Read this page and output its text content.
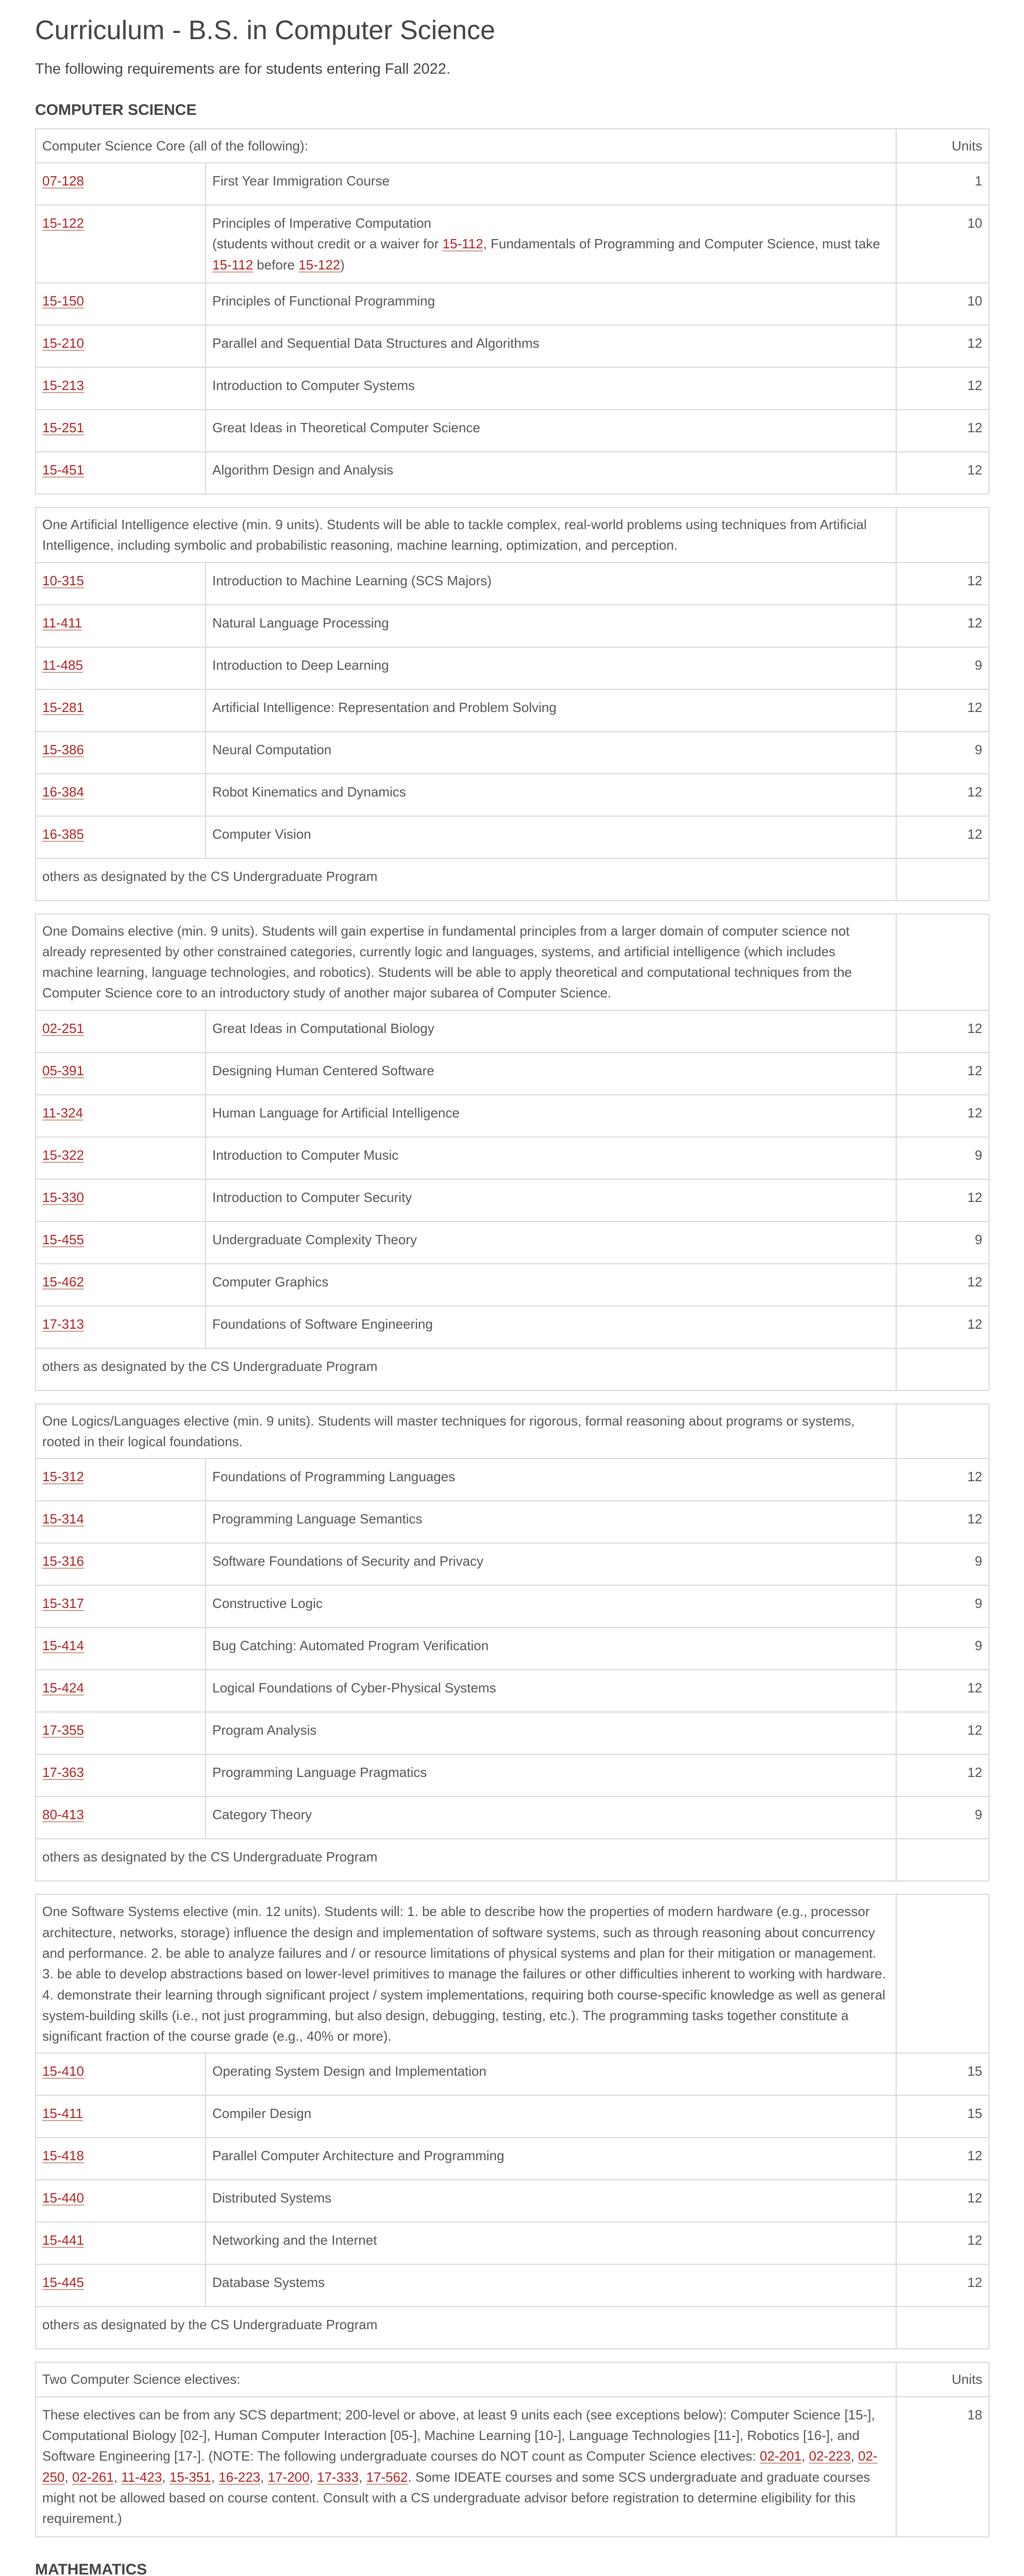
Curriculum - B.S. in Computer Science

The following requirements are for students entering Fall 2022.

COMPUTER SCIENCE
Computer Science Core (all of the following):		Units
07-128	First Year Immigration Course	1
15-122	Principles of Imperative Computation
(students without credit or a waiver for 15-112, Fundamentals of Programming and Computer Science, must take 15-112 before 15-122)	10
15-150	Principles of Functional Programming	10
15-210	Parallel and Sequential Data Structures and Algorithms	12
15-213	Introduction to Computer Systems	12
15-251	Great Ideas in Theoretical Computer Science	12
15-451	Algorithm Design and Analysis	12
One Artificial Intelligence elective (min. 9 units). Students will be able to tackle complex, real-world problems using techniques from Artificial Intelligence, including symbolic and probabilistic reasoning, machine learning, optimization, and perception.		
10-315	Introduction to Machine Learning (SCS Majors)	12
11-411	Natural Language Processing	12
11-485	Introduction to Deep Learning	9
15-281	Artificial Intelligence: Representation and Problem Solving	12
15-386	Neural Computation	9
16-384	Robot Kinematics and Dynamics	12
16-385	Computer Vision	12
others as designated by the CS Undergraduate Program		
One Domains elective (min. 9 units). Students will gain expertise in fundamental principles from a larger domain of computer science not already represented by other constrained categories, currently logic and languages, systems, and artificial intelligence (which includes machine learning, language technologies, and robotics). Students will be able to apply theoretical and computational techniques from the Computer Science core to an introductory study of another major subarea of Computer Science.		
02-251	Great Ideas in Computational Biology	12
05-391	Designing Human Centered Software	12
11-324	Human Language for Artificial Intelligence	12
15-322	Introduction to Computer Music	9
15-330	Introduction to Computer Security	12
15-455	Undergraduate Complexity Theory	9
15-462	Computer Graphics	12
17-313	Foundations of Software Engineering	12
others as designated by the CS Undergraduate Program		
One Logics/Languages elective (min. 9 units). Students will master techniques for rigorous, formal reasoning about programs or systems, rooted in their logical foundations.		
15-312	Foundations of Programming Languages	12
15-314	Programming Language Semantics	12
15-316	Software Foundations of Security and Privacy	9
15-317	Constructive Logic	9
15-414	Bug Catching: Automated Program Verification	9
15-424	Logical Foundations of Cyber-Physical Systems	12
17-355	Program Analysis	12
17-363	Programming Language Pragmatics	12
80-413	Category Theory	9
others as designated by the CS Undergraduate Program		
One Software Systems elective (min. 12 units). Students will: 1. be able to describe how the properties of modern hardware (e.g., processor architecture, networks, storage) influence the design and implementation of software systems, such as through reasoning about concurrency and performance. 2. be able to analyze failures and / or resource limitations of physical systems and plan for their mitigation or management. 3. be able to develop abstractions based on lower-level primitives to manage the failures or other difficulties inherent to working with hardware. 4. demonstrate their learning through significant project / system implementations, requiring both course-specific knowledge as well as general system-building skills (i.e., not just programming, but also design, debugging, testing, etc.). The programming tasks together constitute a significant fraction of the course grade (e.g., 40% or more).		
15-410	Operating System Design and Implementation	15
15-411	Compiler Design	15
15-418	Parallel Computer Architecture and Programming	12
15-440	Distributed Systems	12
15-441	Networking and the Internet	12
15-445	Database Systems	12
others as designated by the CS Undergraduate Program		
Two Computer Science electives:	Units
These electives can be from any SCS department; 200-level or above, at least 9 units each (see exceptions below): Computer Science [15-], Computational Biology [02-], Human Computer Interaction [05-], Machine Learning [10-], Language Technologies [11-], Robotics [16-], and Software Engineering [17-]. (NOTE: The following undergraduate courses do NOT count as Computer Science electives: 02-201, 02-223, 02-250, 02-261, 11-423, 15-351, 16-223, 17-200, 17-333, 17-562. Some IDEATE courses and some SCS undergraduate and graduate courses might not be allowed based on course content. Consult with a CS undergraduate advisor before registration to determine eligibility for this requirement.)	18
MATHEMATICS
